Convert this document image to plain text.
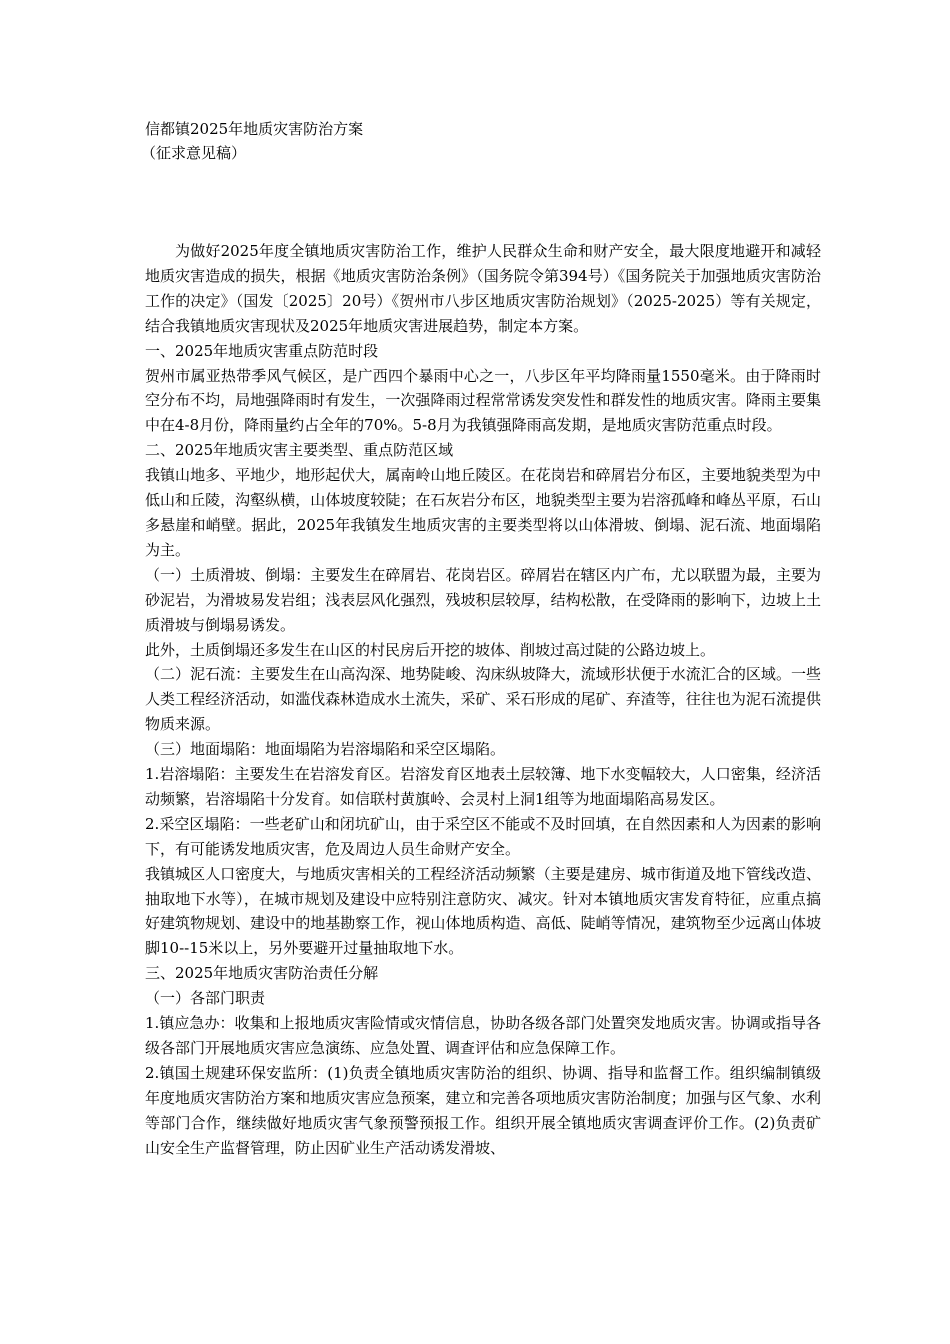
信都镇2025年地质灾害防治方案
（征求意见稿）

为做好2025年度全镇地质灾害防治工作，维护人民群众生命和财产安全，最大限度地避开和减轻地质灾害造成的损失，根据《地质灾害防治条例》（国务院令第394号）《国务院关于加强地质灾害防治工作的决定》（国发〔2025〕20号）《贺州市八步区地质灾害防治规划》（2025-2025）等有关规定，结合我镇地质灾害现状及2025年地质灾害进展趋势，制定本方案。

一、2025年地质灾害重点防范时段

贺州市属亚热带季风气候区，是广西四个暴雨中心之一，八步区年平均降雨量1550毫米。由于降雨时空分布不均，局地强降雨时有发生，一次强降雨过程常常诱发突发性和群发性的地质灾害。降雨主要集中在4-8月份，降雨量约占全年的70%。5-8月为我镇强降雨高发期，是地质灾害防范重点时段。

二、2025年地质灾害主要类型、重点防范区域

我镇山地多、平地少，地形起伏大，属南岭山地丘陵区。在花岗岩和碎屑岩分布区，主要地貌类型为中低山和丘陵，沟壑纵横，山体坡度较陡；在石灰岩分布区，地貌类型主要为岩溶孤峰和峰丛平原，石山多悬崖和峭壁。据此，2025年我镇发生地质灾害的主要类型将以山体滑坡、倒塌、泥石流、地面塌陷为主。

（一）土质滑坡、倒塌：主要发生在碎屑岩、花岗岩区。碎屑岩在辖区内广布，尤以联盟为最，主要为砂泥岩，为滑坡易发岩组；浅表层风化强烈，残坡积层较厚，结构松散，在受降雨的影响下，边坡上土质滑坡与倒塌易诱发。

此外，土质倒塌还多发生在山区的村民房后开挖的坡体、削坡过高过陡的公路边坡上。

（二）泥石流：主要发生在山高沟深、地势陡峻、沟床纵坡降大，流域形状便于水流汇合的区域。一些人类工程经济活动，如滥伐森林造成水土流失，采矿、采石形成的尾矿、弃渣等，往往也为泥石流提供物质来源。

（三）地面塌陷：地面塌陷为岩溶塌陷和采空区塌陷。

1.岩溶塌陷：主要发生在岩溶发育区。岩溶发育区地表土层较簿、地下水变幅较大，人口密集，经济活动频繁，岩溶塌陷十分发育。如信联村黄旗岭、会灵村上洞1组等为地面塌陷高易发区。

2.采空区塌陷：一些老矿山和闭坑矿山，由于采空区不能或不及时回填，在自然因素和人为因素的影响下，有可能诱发地质灾害，危及周边人员生命财产安全。

我镇城区人口密度大，与地质灾害相关的工程经济活动频繁（主要是建房、城市街道及地下管线改造、抽取地下水等），在城市规划及建设中应特别注意防灾、减灾。针对本镇地质灾害发育特征，应重点搞好建筑物规划、建设中的地基勘察工作，视山体地质构造、高低、陡峭等情况，建筑物至少远离山体坡脚10--15米以上，另外要避开过量抽取地下水。

三、2025年地质灾害防治责任分解

（一）各部门职责

1.镇应急办：收集和上报地质灾害险情或灾情信息，协助各级各部门处置突发地质灾害。协调或指导各级各部门开展地质灾害应急演练、应急处置、调查评估和应急保障工作。

2.镇国土规建环保安监所：(1)负责全镇地质灾害防治的组织、协调、指导和监督工作。组织编制镇级年度地质灾害防治方案和地质灾害应急预案，建立和完善各项地质灾害防治制度；加强与区气象、水利等部门合作，继续做好地质灾害气象预警预报工作。组织开展全镇地质灾害调查评价工作。(2)负责矿山安全生产监督管理，防止因矿业生产活动诱发滑坡、
